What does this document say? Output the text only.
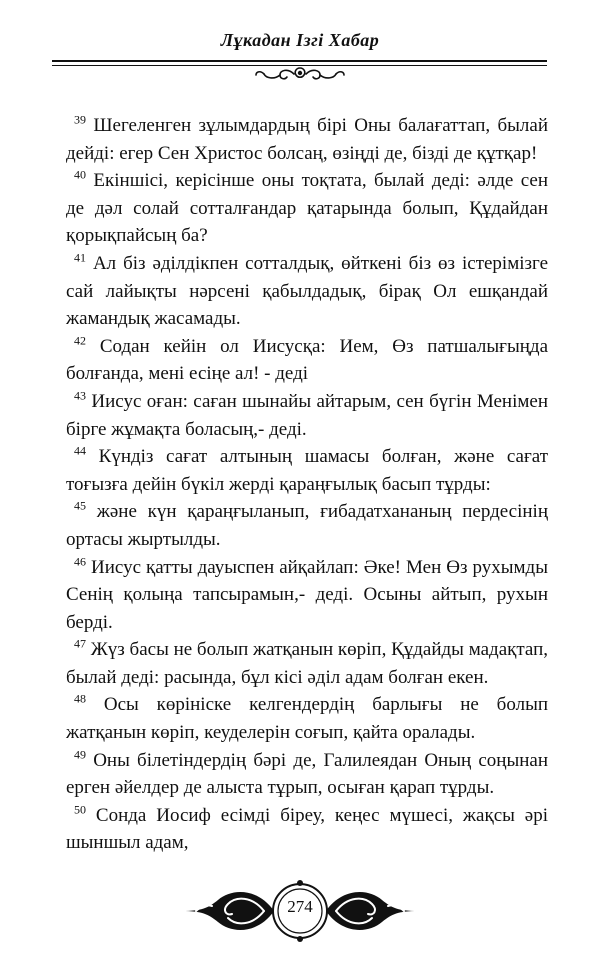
Лұкадан Ізгі Хабар

$^{39}$ Шегеленген зұлымдардың бірі Оны балағаттап, былай дейді: егер Сен Христос болсаң, өзіңді де, бізді де құтқар!

$^{40}$ Екіншісі, керісінше оны тоқтата, былай деді: әлде сен де дәл солай сотталғандар қатарында болып, Құдайдан қорықпайсың ба?

$^{41}$ Ал біз әділдікпен сотталдық, өйткені біз өз істерімізге сай лайықты нәрсені қабылдадық, бірақ Ол ешқандай жамандық жасамады.

$^{42}$ Содан кейін ол Иисусқа: Ием, Өз патшалығыңда болғанда, мені есіңе ал! - деді

$^{43}$ Иисус оған: саған шынайы айтарым, сен бүгін Менімен бірге жұмақта боласың,- деді.

$^{44}$ Күндіз сағат алтының шамасы болған, және сағат тоғызға дейін бүкіл жерді қараңғылық басып тұрды:

$^{45}$ және күн қараңғыланып, ғибадатхананың пердесінің ортасы жыртылды.

$^{46}$ Иисус қатты дауыспен айқайлап: Әке! Мен Өз рухымды Сенің қолыңа тапсырамын,- деді. Осыны айтып, рухын берді.

$^{47}$ Жүз басы не болып жатқанын көріп, Құдайды мадақтап, былай деді: расында, бұл кісі әділ адам болған екен.

$^{48}$ Осы көрініске келгендердің барлығы не болып жатқанын көріп, кеуделерін соғып, қайта оралады.

$^{49}$ Оны білетіндердің бәрі де, Галилеядан Оның соңынан ерген әйелдер де алыста тұрып, осыған қарап тұрды.

$^{50}$ Сонда Иосиф есімді біреу, кеңес мүшесі, жақсы әрі шыншыл адам,

274
